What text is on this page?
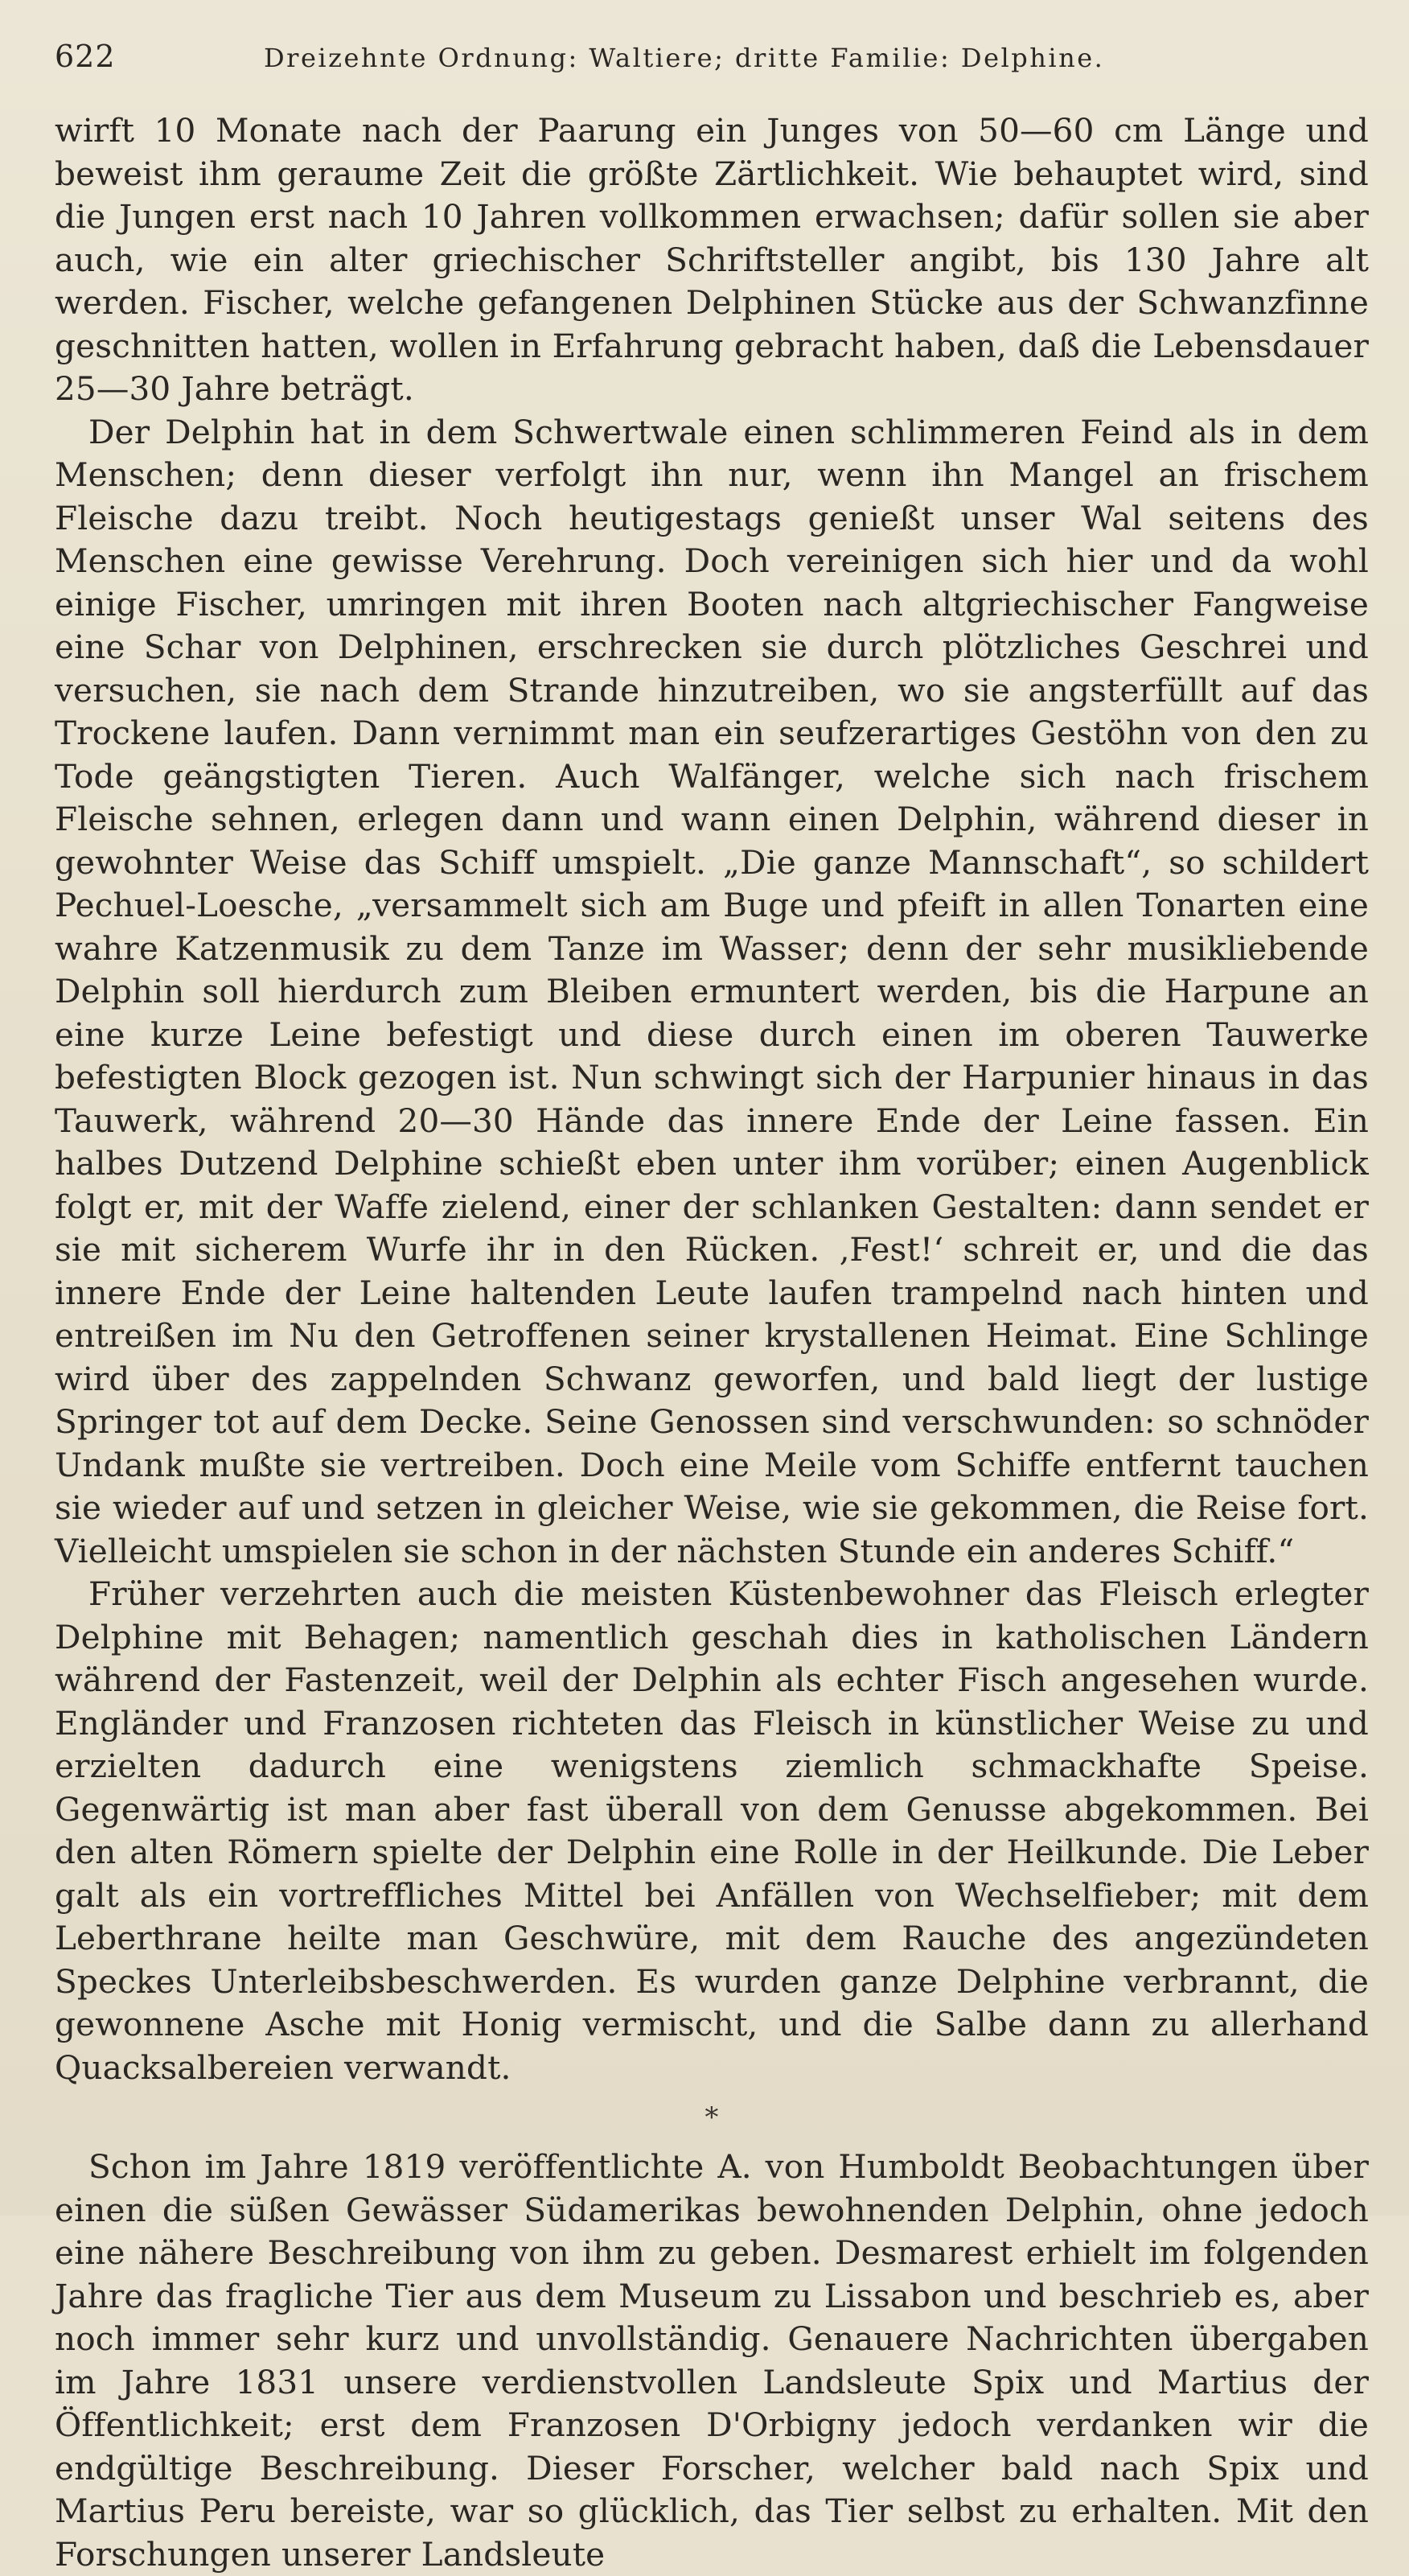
622	Dreizehnte Ordnung: Waltiere; dritte Familie: Delphine.

wirft 10 Monate nach der Paarung ein Junges von 50—60 cm Länge und beweist ihm geraume Zeit die größte Zärtlichkeit. Wie behauptet wird, sind die Jungen erst nach 10 Jahren vollkommen erwachsen; dafür sollen sie aber auch, wie ein alter griechischer Schriftsteller angibt, bis 130 Jahre alt werden. Fischer, welche gefangenen Delphinen Stücke aus der Schwanzfinne geschnitten hatten, wollen in Erfahrung gebracht haben, daß die Lebensdauer 25—30 Jahre beträgt.

Der Delphin hat in dem Schwertwale einen schlimmeren Feind als in dem Menschen; denn dieser verfolgt ihn nur, wenn ihn Mangel an frischem Fleische dazu treibt. Noch heutigestags genießt unser Wal seitens des Menschen eine gewisse Verehrung. Doch vereinigen sich hier und da wohl einige Fischer, umringen mit ihren Booten nach altgriechischer Fangweise eine Schar von Delphinen, erschrecken sie durch plötzliches Geschrei und versuchen, sie nach dem Strande hinzutreiben, wo sie angsterfüllt auf das Trockene laufen. Dann vernimmt man ein seufzerartiges Gestöhn von den zu Tode geängstigten Tieren. Auch Walfänger, welche sich nach frischem Fleische sehnen, erlegen dann und wann einen Delphin, während dieser in gewohnter Weise das Schiff umspielt. „Die ganze Mannschaft“, so schildert Pechuel-Loesche, „versammelt sich am Buge und pfeift in allen Tonarten eine wahre Katzenmusik zu dem Tanze im Wasser; denn der sehr musikliebende Delphin soll hierdurch zum Bleiben ermuntert werden, bis die Harpune an eine kurze Leine befestigt und diese durch einen im oberen Tauwerke befestigten Block gezogen ist. Nun schwingt sich der Harpunier hinaus in das Tauwerk, während 20—30 Hände das innere Ende der Leine fassen. Ein halbes Dutzend Delphine schießt eben unter ihm vorüber; einen Augenblick folgt er, mit der Waffe zielend, einer der schlanken Gestalten: dann sendet er sie mit sicherem Wurfe ihr in den Rücken. ‚Fest!‘ schreit er, und die das innere Ende der Leine haltenden Leute laufen trampelnd nach hinten und entreißen im Nu den Getroffenen seiner krystallenen Heimat. Eine Schlinge wird über des zappelnden Schwanz geworfen, und bald liegt der lustige Springer tot auf dem Decke. Seine Genossen sind verschwunden: so schnöder Undank mußte sie vertreiben. Doch eine Meile vom Schiffe entfernt tauchen sie wieder auf und setzen in gleicher Weise, wie sie gekommen, die Reise fort. Vielleicht umspielen sie schon in der nächsten Stunde ein anderes Schiff.“

Früher verzehrten auch die meisten Küstenbewohner das Fleisch erlegter Delphine mit Behagen; namentlich geschah dies in katholischen Ländern während der Fastenzeit, weil der Delphin als echter Fisch angesehen wurde. Engländer und Franzosen richteten das Fleisch in künstlicher Weise zu und erzielten dadurch eine wenigstens ziemlich schmackhafte Speise. Gegenwärtig ist man aber fast überall von dem Genusse abgekommen. Bei den alten Römern spielte der Delphin eine Rolle in der Heilkunde. Die Leber galt als ein vortreffliches Mittel bei Anfällen von Wechselfieber; mit dem Leberthrane heilte man Geschwüre, mit dem Rauche des angezündeten Speckes Unterleibsbeschwerden. Es wurden ganze Delphine verbrannt, die gewonnene Asche mit Honig vermischt, und die Salbe dann zu allerhand Quacksalbereien verwandt.

*

Schon im Jahre 1819 veröffentlichte A. von Humboldt Beobachtungen über einen die süßen Gewässer Südamerikas bewohnenden Delphin, ohne jedoch eine nähere Beschreibung von ihm zu geben. Desmarest erhielt im folgenden Jahre das fragliche Tier aus dem Museum zu Lissabon und beschrieb es, aber noch immer sehr kurz und unvollständig. Genauere Nachrichten übergaben im Jahre 1831 unsere verdienstvollen Landsleute Spix und Martius der Öffentlichkeit; erst dem Franzosen D'Orbigny jedoch verdanken wir die endgültige Beschreibung. Dieser Forscher, welcher bald nach Spix und Martius Peru bereiste, war so glücklich, das Tier selbst zu erhalten. Mit den Forschungen unserer Landsleute
